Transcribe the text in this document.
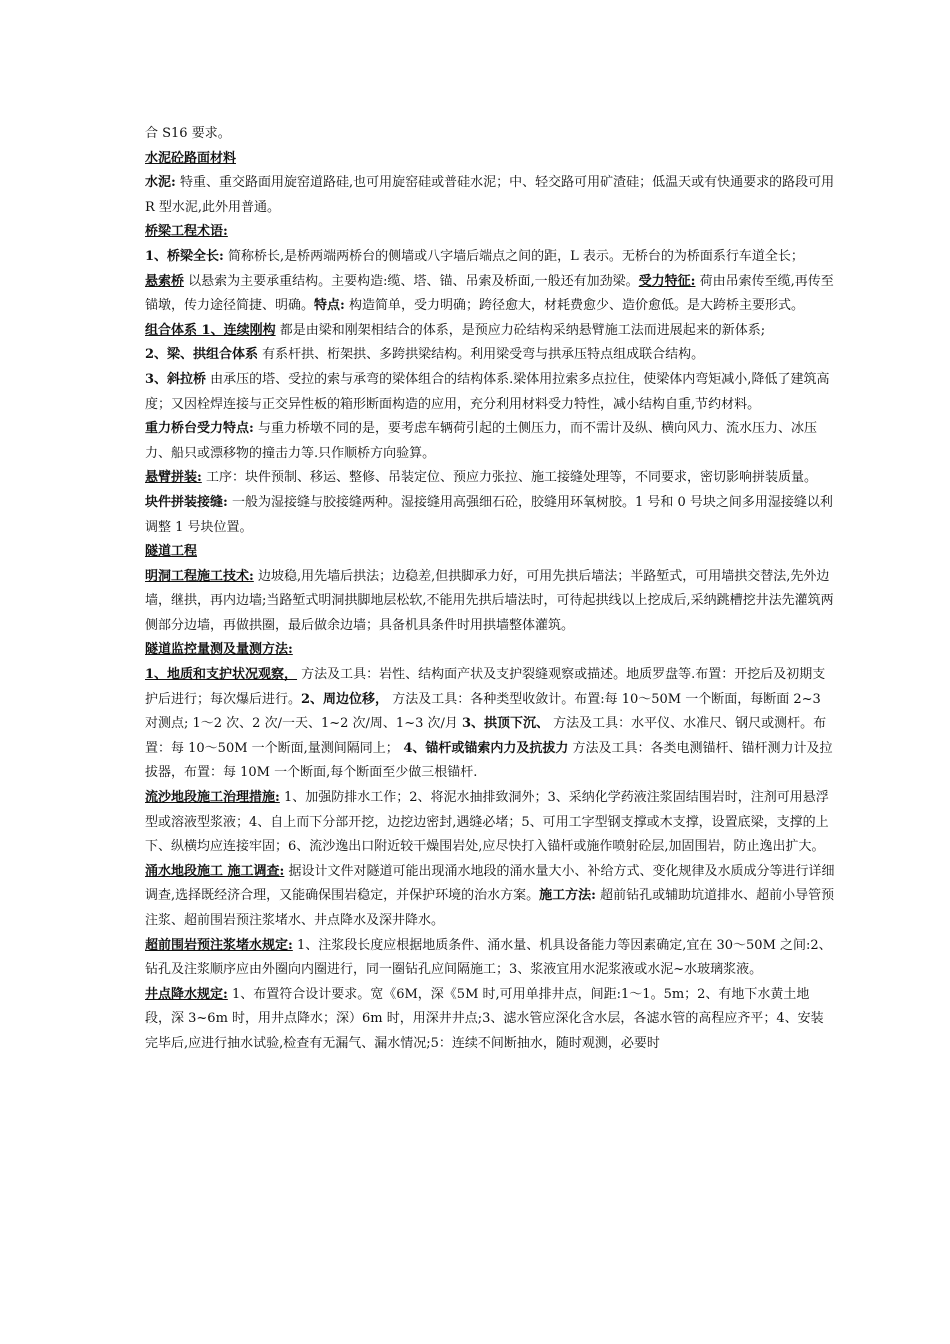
合 S16 要求。

水泥砼路面材料

水泥: 特重、重交路面用旋窑道路硅,也可用旋窑硅或普硅水泥；中、轻交路可用矿渣硅；低温天或有快通要求的路段可用 R 型水泥,此外用普通。

桥梁工程术语:

1、桥梁全长: 简称桥长,是桥两端两桥台的侧墙或八字墙后端点之间的距，L 表示。无桥台的为桥面系行车道全长；

悬索桥 以悬索为主要承重结构。主要构造:缆、塔、锚、吊索及桥面,一般还有加劲梁。受力特征: 荷由吊索传至缆,再传至锚墩，传力途径简捷、明确。特点: 构造简单，受力明确；跨径愈大，材耗费愈少、造价愈低。是大跨桥主要形式。

组合体系 1、连续刚构 都是由梁和刚架相结合的体系，是预应力砼结构采纳悬臂施工法而进展起来的新体系;

2、梁、拱组合体系 有系杆拱、桁架拱、多跨拱梁结构。利用梁受弯与拱承压特点组成联合结构。

3、斜拉桥 由承压的塔、受拉的索与承弯的梁体组合的结构体系.梁体用拉索多点拉住，使梁体内弯矩减小,降低了建筑高度；又因栓焊连接与正交异性板的箱形断面构造的应用，充分利用材料受力特性，减小结构自重,节约材料。

重力桥台受力特点: 与重力桥墩不同的是，要考虑车辆荷引起的土侧压力，而不需计及纵、横向风力、流水压力、冰压力、船只或漂移物的撞击力等.只作顺桥方向验算。

悬臂拼装: 工序：块件预制、移运、整修、吊装定位、预应力张拉、施工接缝处理等，不同要求，密切影响拼装质量。

块件拼装接缝: 一般为湿接缝与胶接缝两种。湿接缝用高强细石砼，胶缝用环氧树胶。1 号和 0 号块之间多用湿接缝以利调整 1 号块位置。

隧道工程

明洞工程施工技术: 边坡稳,用先墙后拱法；边稳差,但拱脚承力好，可用先拱后墙法；半路堑式，可用墙拱交替法,先外边墙，继拱，再内边墙;当路堑式明洞拱脚地层松软,不能用先拱后墙法时，可待起拱线以上挖成后,采纳跳槽挖井法先灌筑两侧部分边墙，再做拱圈，最后做余边墙；具备机具条件时用拱墙整体灌筑。

隧道监控量测及量测方法:

1、地质和支护状况观察， 方法及工具：岩性、结构面产状及支护裂缝观察或描述。地质罗盘等.布置：开挖后及初期支护后进行；每次爆后进行。2、周边位移， 方法及工具：各种类型收敛计。布置:每 10～50M 一个断面，每断面 2~3 对测点; 1～2 次、2 次/一天、1~2 次/周、1~3 次/月 3、拱顶下沉、 方法及工具：水平仪、水准尺、钢尺或测杆。布置：每 10～50M 一个断面,量测间隔同上； 4、锚杆或锚索内力及抗拔力 方法及工具：各类电测锚杆、锚杆测力计及拉拔器，布置：每 10M 一个断面,每个断面至少做三根锚杆.

流沙地段施工治理措施: 1、加强防排水工作；2、将泥水抽排致洞外；3、采纳化学药液注浆固结围岩时，注剂可用悬浮型或溶液型浆液；4、自上而下分部开挖，边挖边密封,遇缝必堵；5、可用工字型钢支撑或木支撑，设置底梁，支撑的上下、纵横均应连接牢固；6、流沙逸出口附近较干燥围岩处,应尽快打入锚杆或施作喷射砼层,加固围岩，防止逸出扩大。

涌水地段施工 施工调查: 据设计文件对隧道可能出现涌水地段的涌水量大小、补给方式、变化规律及水质成分等进行详细调查,选择既经济合理，又能确保围岩稳定，并保护环境的治水方案。施工方法: 超前钻孔或辅助坑道排水、超前小导管预注浆、超前围岩预注浆堵水、井点降水及深井降水。

超前围岩预注浆堵水规定: 1、注浆段长度应根据地质条件、涌水量、机具设备能力等因素确定,宜在 30～50M 之间:2、钻孔及注浆顺序应由外圈向内圈进行，同一圈钻孔应间隔施工；3、浆液宜用水泥浆液或水泥~水玻璃浆液。

井点降水规定: 1、布置符合设计要求。宽《6M，深《5M 时,可用单排井点，间距:1～1。5m；2、有地下水黄土地段，深 3~6m 时，用井点降水；深）6m 时，用深井井点;3、滤水管应深化含水层，各滤水管的高程应齐平；4、安装完毕后,应进行抽水试验,检查有无漏气、漏水情况;5：连续不间断抽水，随时观测，必要时
